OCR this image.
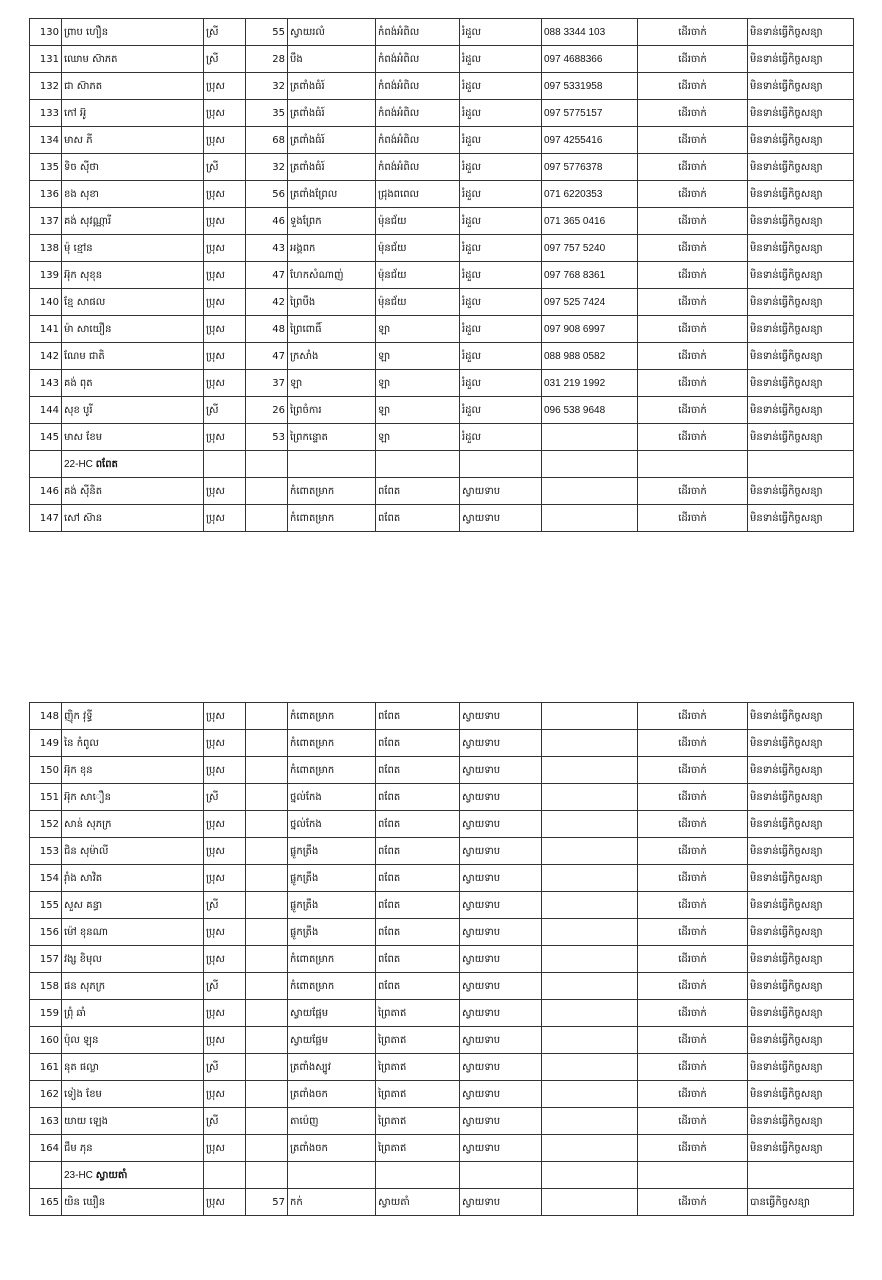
130	ព្រាប ហឿន	ស្រី	55	ស្វាយរលំ	កំពង់អំពិល	រំដួល	088 3344 103	ដើរចាក់	មិនទាន់ធ្វើកិច្ចសន្យា
131	ឈោម ស៊ាភត	ស្រី	28	បឹង	កំពង់អំពិល	រំដួល	097 4688366	ដើរចាក់	មិនទាន់ធ្វើកិច្ចសន្យា
132	ជា ស៊ាភត	ប្រុស	32	ត្រពាំងធំរ៍	កំពង់អំពិល	រំដួល	097 5331958	ដើរចាក់	មិនទាន់ធ្វើកិច្ចសន្យា
133	កៅ អ៊ូ	ប្រុស	35	ត្រពាំងធំរ៍	កំពង់អំពិល	រំដួល	097 5775157	ដើរចាក់	មិនទាន់ធ្វើកិច្ចសន្យា
134	មាស ភី	ប្រុស	68	ត្រពាំងធំរ៍	កំពង់អំពិល	រំដួល	097 4255416	ដើរចាក់	មិនទាន់ធ្វើកិច្ចសន្យា
135	ទិច ស៊ីថា	ស្រី	32	ត្រពាំងធំរ៍	កំពង់អំពិល	រំដួល	097 5776378	ដើរចាក់	មិនទាន់ធ្វើកិច្ចសន្យា
136	ខង សុខា	ប្រុស	56	ត្រពាំងព្រែល	ជ្រុងពពេល	រំដួល	071 6220353	ដើរចាក់	មិនទាន់ធ្វើកិច្ចសន្យា
137	គង់ សុវណ្ណារី	ប្រុស	46	ទួងព្រែក	ម៉ុនជ័យ	រំដួល	071 365 0416	ដើរចាក់	មិនទាន់ធ្វើកិច្ចសន្យា
138	ម៉ុ ខ្មៅន	ប្រុស	43	អង្គពក	ម៉ុនជ័យ	រំដួល	097 757 5240	ដើរចាក់	មិនទាន់ធ្វើកិច្ចសន្យា
139	អ៊ុក សុខុន	ប្រុស	47	ហែកសំណាញ់	ម៉ុនជ័យ	រំដួល	097 768 8361	ដើរចាក់	មិនទាន់ធ្វើកិច្ចសន្យា
140	ខ្មែ សាផល	ប្រុស	42	ព្រៃបឹង	ម៉ុនជ័យ	រំដួល	097 525 7424	ដើរចាក់	មិនទាន់ធ្វើកិច្ចសន្យា
141	ម៉ា សាយឿន	ប្រុស	48	ព្រៃពោធិ៍	ឡា	រំដួល	097 908 6997	ដើរចាក់	មិនទាន់ធ្វើកិច្ចសន្យា
142	ណែម ជាតិ	ប្រុស	47	ក្រសាំង	ឡា	រំដួល	088 988 0582	ដើរចាក់	មិនទាន់ធ្វើកិច្ចសន្យា
143	គង់ ពុត	ប្រុស	37	ឡា	ឡា	រំដួល	031 219 1992	ដើរចាក់	មិនទាន់ធ្វើកិច្ចសន្យា
144	សុខ បូរី	ស្រី	26	ព្រៃចំការ	ឡា	រំដួល	096 538 9648	ដើរចាក់	មិនទាន់ធ្វើកិច្ចសន្យា
145	មាស ខែម	ប្រុស	53	ព្រៃកន្ទោត	ឡា	រំដួល		ដើរចាក់	មិនទាន់ធ្វើកិច្ចសន្យា
	22-HC ពពែត								
146	គង់ ស៊ីនិត	ប្រុស		កំពោតម្រាក	ពពែត	ស្វាយទាប		ដើរចាក់	មិនទាន់ធ្វើកិច្ចសន្យា
147	សៅ ស៊ាន	ប្រុស		កំពោតម្រាក	ពពែត	ស្វាយទាប		ដើរចាក់	មិនទាន់ធ្វើកិច្ចសន្យា
148	ញ៉ិក វុទ្ធី	ប្រុស		កំពោតម្រាក	ពពែត	ស្វាយទាប		ដើរចាក់	មិនទាន់ធ្វើកិច្ចសន្យា
149	នៃ កំពូល	ប្រុស		កំពោតម្រាក	ពពែត	ស្វាយទាប		ដើរចាក់	មិនទាន់ធ្វើកិច្ចសន្យា
150	អ៊ុក ខុន	ប្រុស		កំពោតម្រាក	ពពែត	ស្វាយទាប		ដើរចាក់	មិនទាន់ធ្វើកិច្ចសន្យា
151	អ៊ុក សាឿន	ស្រី		ថ្នល់កែង	ពពែត	ស្វាយទាប		ដើរចាក់	មិនទាន់ធ្វើកិច្ចសន្យា
152	សាន់ សុភក្រ	ប្រុស		ថ្នល់កែង	ពពែត	ស្វាយទាប		ដើរចាក់	មិនទាន់ធ្វើកិច្ចសន្យា
153	ជិន សុម៉ាលី	ប្រុស		ផ្លូកត្រឹង	ពពែត	ស្វាយទាប		ដើរចាក់	មិនទាន់ធ្វើកិច្ចសន្យា
154	រ៉ាំង សាវិត	ប្រុស		ផ្លូកត្រឹង	ពពែត	ស្វាយទាប		ដើរចាក់	មិនទាន់ធ្វើកិច្ចសន្យា
155	សួស គន្ធា	ស្រី		ផ្លូកត្រឹង	ពពែត	ស្វាយទាប		ដើរចាក់	មិនទាន់ធ្វើកិច្ចសន្យា
156	ម៉ៅ ខុនណា	ប្រុស		ផ្លូកត្រឹង	ពពែត	ស្វាយទាប		ដើរចាក់	មិនទាន់ធ្វើកិច្ចសន្យា
157	វង្ស ខិមុល	ប្រុស		កំពោតម្រាក	ពពែត	ស្វាយទាប		ដើរចាក់	មិនទាន់ធ្វើកិច្ចសន្យា
158	ផន សុភក្រ	ស្រី		កំពោតម្រាក	ពពែត	ស្វាយទាប		ដើរចាក់	មិនទាន់ធ្វើកិច្ចសន្យា
159	ព្រុំ ឆាំ	ប្រុស		ស្វាយផ្អែម	ព្រៃតាឥ	ស្វាយទាប		ដើរចាក់	មិនទាន់ធ្វើកិច្ចសន្យា
160	ប៉ុល ឡុន	ប្រុស		ស្វាយផ្អែម	ព្រៃតាឥ	ស្វាយទាប		ដើរចាក់	មិនទាន់ធ្វើកិច្ចសន្យា
161	នុត ផល្លា	ស្រី		ត្រពាំងស្បូវ	ព្រៃតាឥ	ស្វាយទាប		ដើរចាក់	មិនទាន់ធ្វើកិច្ចសន្យា
162	ទៀង ខែម	ប្រុស		ត្រពាំងចក	ព្រៃតាឥ	ស្វាយទាប		ដើរចាក់	មិនទាន់ធ្វើកិច្ចសន្យា
163	យាយ ឡេង	ស្រី		តាប៉េញ	ព្រៃតាឥ	ស្វាយទាប		ដើរចាក់	មិនទាន់ធ្វើកិច្ចសន្យា
164	ជឹម ភុន	ប្រុស		ត្រពាំងចក	ព្រៃតាឥ	ស្វាយទាប		ដើរចាក់	មិនទាន់ធ្វើកិច្ចសន្យា
	23-HC ស្វាយតាំ								
165	យិន ឃឿន	ប្រុស	57	កក់	ស្វាយតាំ	ស្វាយទាប		ដើរចាក់	បានធ្វើកិច្ចសន្យា
